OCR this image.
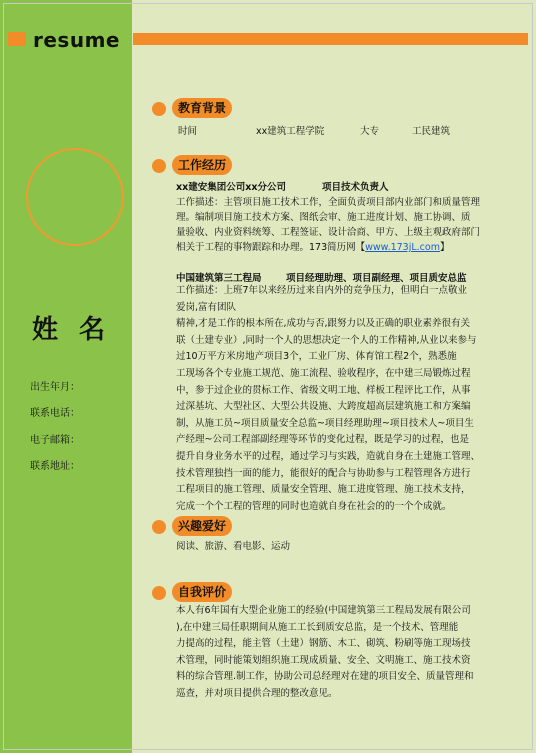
resume
姓 名
出生年月：
联系电话：
电子邮箱：
联系地址：
教育背景
时间	xx建筑工程学院	大专	工民建筑
工作经历
xx建安集团公司xx分公司	项目技术负责人
工作描述：主管项目施工技术工作，全面负责项目部内业部门和质量管理
理。编制项目施工技术方案、图纸会审、施工进度计划、施工协调、质
量验收、内业资料统筹、工程签证、设计洽商、甲方、上级主观政府部门
相关于工程的事物跟踪和办理。173简历网【www.173jL.com】
中国建筑第三工程局	项目经理助理、项目副经理、项目质安总监
工作描述：上班7年以来经历过来自内外的竞争压力，但明白一点敬业
爱岗,富有团队
精神,才是工作的根本所在,成功与否,跟努力以及正确的职业素养很有关
联（土建专业）,同时一个人的思想决定一个人的工作精神,从业以来参与
过10万平方米房地产项目3个，工业厂房、体育馆工程2个，熟悉施
工现场各个专业施工规范、施工流程、验收程序，在中建三局锻炼过程
中，参于过企业的贯标工作、省级文明工地、样板工程评比工作，从事
过深基坑、大型社区、大型公共设施、大跨度超高层建筑施工和方案编
制，从施工员~项目质量安全总监~项目经理助理~项目技术人~项目生
产经理~公司工程部副经理等环节的变化过程，既是学习的过程，也是
提升自身业务水平的过程，通过学习与实践，造就自身在土建施工管理、
技术管理独挡一面的能力，能很好的配合与协助参与工程管理各方进行
工程项目的施工管理、质量安全管理、施工进度管理、施工技术支持，
完成一个个工程的管理的同时也造就自身在社会的的一个个成就。
兴趣爱好
阅读、旅游、看电影、运动
自我评价
本人有6年国有大型企业施工的经验(中国建筑第三工程局发展有限公司
),在中建三局任职期间从施工工长到质安总监，是一个技术、管理能
力提高的过程，能主管（土建）钢筋、木工、砌筑、粉刷等施工现场技
术管理，同时能策划组织施工现成质量、安全、文明施工、施工技术资
料的综合管理.制工作，协助公司总经理对在建的项目安全、质量管理和
巡查，并对项目提供合理的整改意见。
